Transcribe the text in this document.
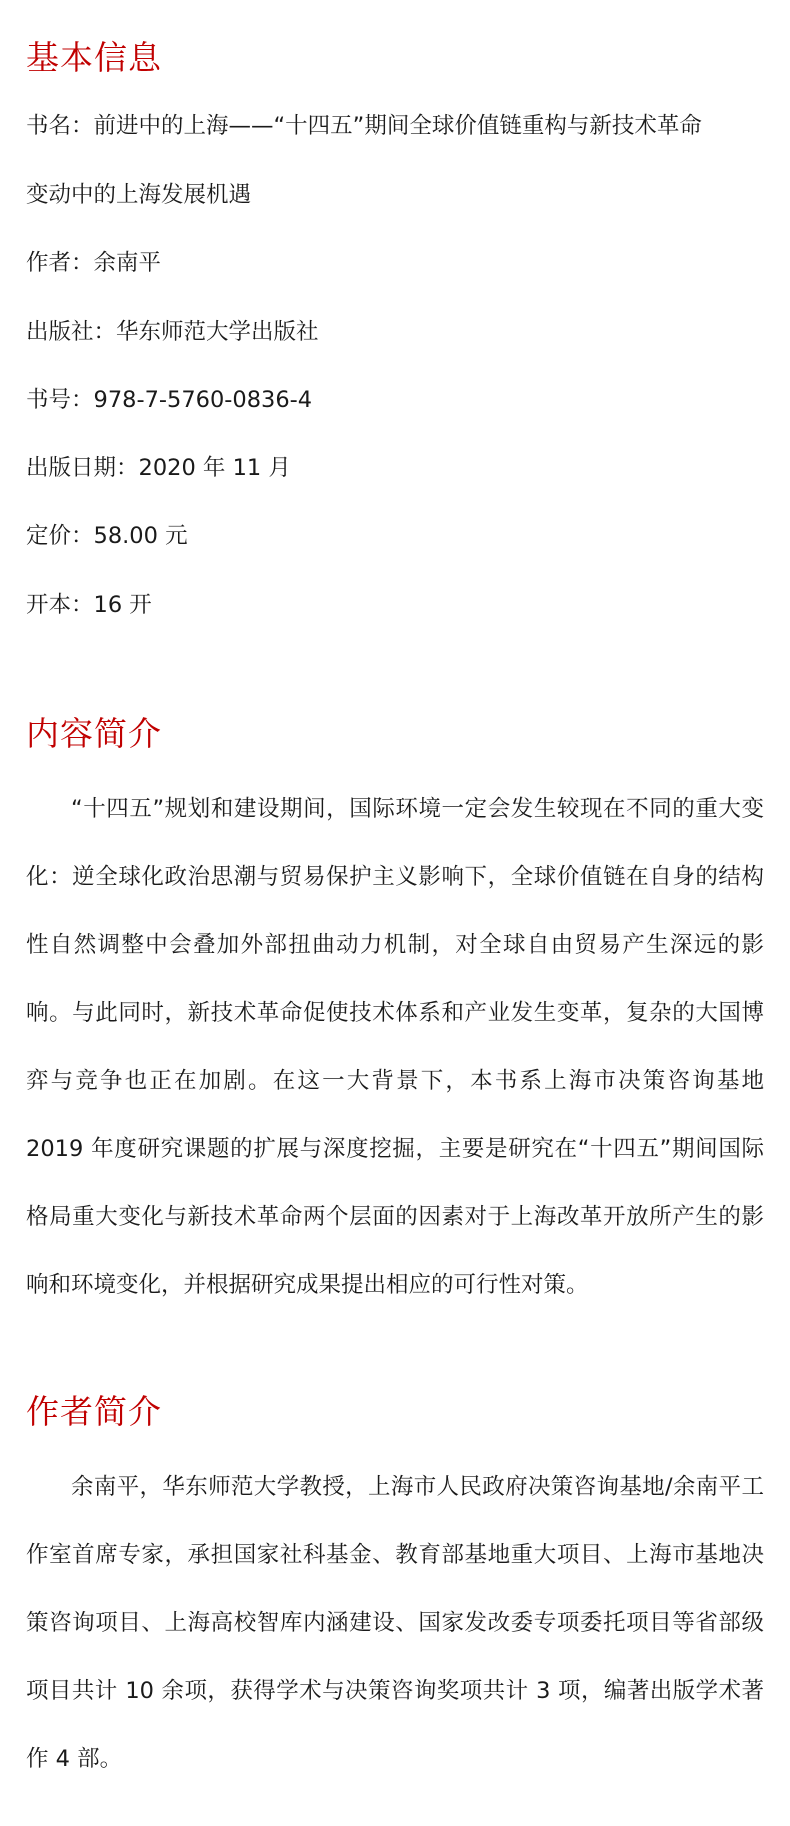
基本信息

书名：前进中的上海——“十四五”期间全球价值链重构与新技术革命

变动中的上海发展机遇

作者：余南平

出版社：华东师范大学出版社

书号：978-7-5760-0836-4

出版日期：2020 年 11 月

定价：58.00 元

开本：16 开

内容简介

“十四五”规划和建设期间，国际环境一定会发生较现在不同的重大变化：逆全球化政治思潮与贸易保护主义影响下，全球价值链在自身的结构性自然调整中会叠加外部扭曲动力机制，对全球自由贸易产生深远的影响。与此同时，新技术革命促使技术体系和产业发生变革，复杂的大国博弈与竞争也正在加剧。在这一大背景下，本书系上海市决策咨询基地 2019 年度研究课题的扩展与深度挖掘，主要是研究在“十四五”期间国际格局重大变化与新技术革命两个层面的因素对于上海改革开放所产生的影响和环境变化，并根据研究成果提出相应的可行性对策。

作者简介

余南平，华东师范大学教授，上海市人民政府决策咨询基地/余南平工作室首席专家，承担国家社科基金、教育部基地重大项目、上海市基地决策咨询项目、上海高校智库内涵建设、国家发改委专项委托项目等省部级项目共计 10 余项，获得学术与决策咨询奖项共计 3 项，编著出版学术著作 4 部。
